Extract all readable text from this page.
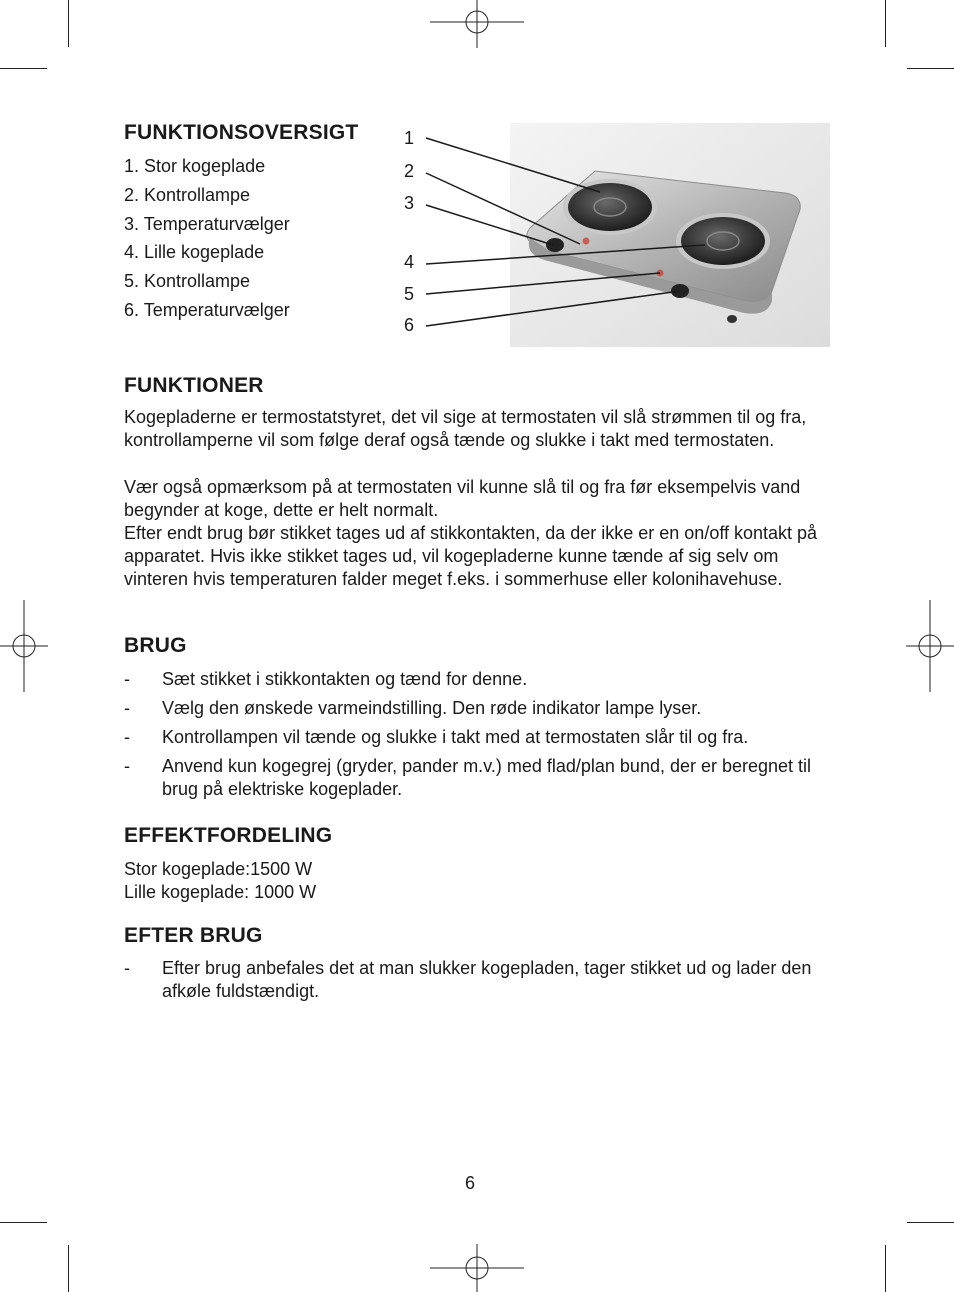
FUNKTIONSOVERSIGT
1. Stor kogeplade
2. Kontrollampe
3. Temperaturvælger
4. Lille kogeplade
5. Kontrollampe
6. Temperaturvælger
1
2
3
4
5
6
FUNKTIONER

Kogepladerne er termostatstyret, det vil sige at termostaten vil slå strømmen til og fra, kontrollamperne vil som følge deraf også tænde og slukke i takt med termostaten.

Vær også opmærksom på at termostaten vil kunne slå til og fra før eksempelvis vand begynder at koge, dette er helt normalt.

Efter endt brug bør stikket tages ud af stikkontakten, da der ikke er en on/off kontakt på apparatet. Hvis ikke stikket tages ud, vil kogepladerne kunne tænde af sig selv om vinteren hvis temperaturen falder meget f.eks. i sommerhuse eller kolonihavehuse.

BRUG
- Sæt stikket i stikkontakten og tænd for denne.
- Vælg den ønskede varmeindstilling. Den røde indikator lampe lyser.
- Kontrollampen vil tænde og slukke i takt med at termostaten slår til og fra.
- Anvend kun kogegrej (gryder, pander m.v.) med flad/plan bund, der er beregnet til brug på elektriske kogeplader.
EFFEKTFORDELING
Stor kogeplade:1500 W
Lille kogeplade: 1000 W
EFTER BRUG
- Efter brug anbefales det at man slukker kogepladen, tager stikket ud og lader den afkøle fuldstændigt.
6
